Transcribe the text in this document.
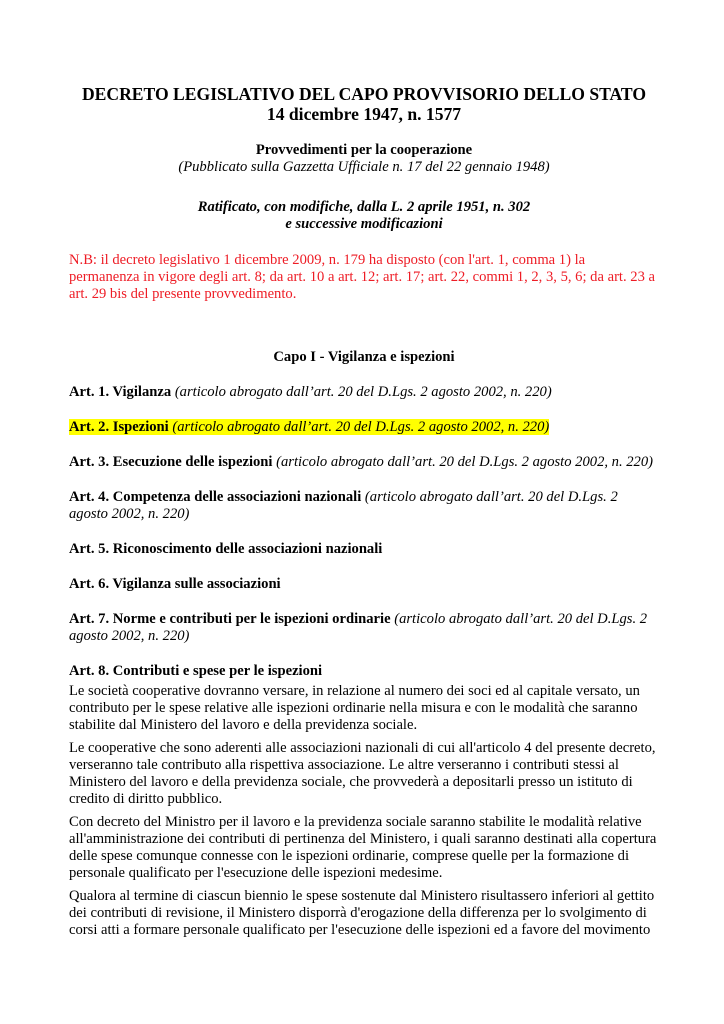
DECRETO LEGISLATIVO DEL CAPO PROVVISORIO DELLO STATO

14 dicembre 1947, n. 1577

Provvedimenti per la cooperazione

(Pubblicato sulla Gazzetta Ufficiale n. 17 del 22 gennaio 1948)

Ratificato, con modifiche, dalla L. 2 aprile 1951, n. 302

e successive modificazioni

N.B: il decreto legislativo 1 dicembre 2009, n. 179 ha disposto (con l'art. 1, comma 1) la permanenza in vigore degli art. 8; da art. 10 a art. 12; art. 17; art. 22, commi 1, 2, 3, 5, 6; da art. 23 a art. 29 bis del presente provvedimento.

Capo I - Vigilanza e ispezioni

Art. 1. Vigilanza (articolo abrogato dall’art. 20 del D.Lgs. 2 agosto 2002, n. 220)

Art. 2. Ispezioni (articolo abrogato dall’art. 20 del D.Lgs. 2 agosto 2002, n. 220)

Art. 3. Esecuzione delle ispezioni (articolo abrogato dall’art. 20 del D.Lgs. 2 agosto 2002, n. 220)

Art. 4. Competenza delle associazioni nazionali (articolo abrogato dall’art. 20 del D.Lgs. 2 agosto 2002, n. 220)

Art. 5. Riconoscimento delle associazioni nazionali

Art. 6. Vigilanza sulle associazioni

Art. 7. Norme e contributi per le ispezioni ordinarie (articolo abrogato dall’art. 20 del D.Lgs. 2 agosto 2002, n. 220)

Art. 8. Contributi e spese per le ispezioni

Le società cooperative dovranno versare, in relazione al numero dei soci ed al capitale versato, un contributo per le spese relative alle ispezioni ordinarie nella misura e con le modalità che saranno stabilite dal Ministero del lavoro e della previdenza sociale.

Le cooperative che sono aderenti alle associazioni nazionali di cui all'articolo 4 del presente decreto, verseranno tale contributo alla rispettiva associazione. Le altre verseranno i contributi stessi al Ministero del lavoro e della previdenza sociale, che provvederà a depositarli presso un istituto di credito di diritto pubblico.

Con decreto del Ministro per il lavoro e la previdenza sociale saranno stabilite le modalità relative all'amministrazione dei contributi di pertinenza del Ministero, i quali saranno destinati alla copertura delle spese comunque connesse con le ispezioni ordinarie, comprese quelle per la formazione di personale qualificato per l'esecuzione delle ispezioni medesime.

Qualora al termine di ciascun biennio le spese sostenute dal Ministero risultassero inferiori al gettito dei contributi di revisione, il Ministero disporrà d'erogazione della differenza per lo svolgimento di corsi atti a formare personale qualificato per l'esecuzione delle ispezioni ed a favore del movimento
